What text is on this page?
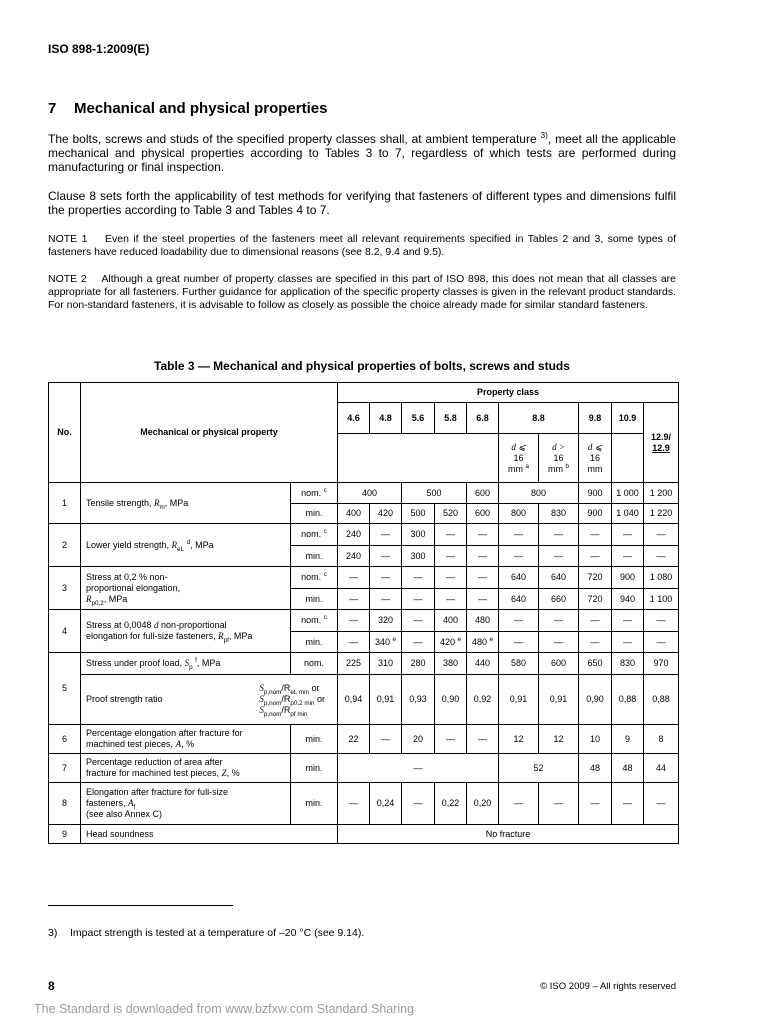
ISO 898-1:2009(E)
7 Mechanical and physical properties

The bolts, screws and studs of the specified property classes shall, at ambient temperature $^{3)}$, meet all the applicable mechanical and physical properties according to Tables 3 to 7, regardless of which tests are performed during manufacturing or final inspection.

Clause 8 sets forth the applicability of test methods for verifying that fasteners of different types and dimensions fulfil the properties according to Table 3 and Tables 4 to 7.

NOTE 1 Even if the steel properties of the fasteners meet all relevant requirements specified in Tables 2 and 3, some types of fasteners have reduced loadability due to dimensional reasons (see 8.2, 9.4 and 9.5).

NOTE 2 Although a great number of property classes are specified in this part of ISO 898, this does not mean that all classes are appropriate for all fasteners. Further guidance for application of the specific property classes is given in the relevant product standards. For non-standard fasteners, it is advisable to follow as closely as possible the choice already made for similar standard fasteners.

Table 3 — Mechanical and physical properties of bolts, screws and studs
No.	Mechanical or physical property		Property class									
			4.6	4.8	5.6	5.8	6.8	8.8		9.8	10.9	12.9/
12.9
								d ⩽
16
mm $^a$	d >
16
mm $^b$	d ⩽
16
mm		
1	Tensile strength, $R_m$, MPa	nom. $^c$	400		500		600	800		900	1 000	1 200
		min.	400	420	500	520	600	800	830	900	1 040	1 220
2	Lower yield strength, $R_{eL}$ $^d$, MPa	nom. $^c$	240	—	300	—	—	—	—	—	—	—
		min.	240	—	300	—	—	—	—	—	—	—
3	Stress at 0,2 % non-
proportional elongation,
$R_{p0,2}$, MPa	nom. $^c$	—	—	—	—	—	640	640	720	900	1 080
		min.	—	—	—	—	—	640	660	720	940	1 100
4	Stress at 0,0048 d non-proportional
elongation for full-size fasteners, $R_{pf}$, MPa	nom. $^c$	—	320	—	400	480	—	—	—	—	—
		min.	—	340 $^e$	—	420 $^e$	480 $^e$	—	—	—	—	—
5	Stress under proof load, $S_p$ $^f$, MPa	nom.	225	310	280	380	440	580	600	650	830	970

	Proof strength ratio
$S_{p,nom}/R_{eL min}$ or
$S_{p,nom}/R_{p0,2 min}$ or
$S_{p,nom}/R_{pf min}$		0,94	0,91	0,93	0,90	0,92	0,91	0,91	0,90	0,88	0,88
6	Percentage elongation after fracture for
machined test pieces, A, %	min.	22	—	20	—	—	12	12	10	9	8
7	Percentage reduction of area after
fracture for machined test pieces, Z, %	min.	—					52		48	48	44
8	Elongation after fracture for full-size
fasteners, $A_f$
(see also Annex C)	min.	—	0,24	—	0,22	0,20	—	—	—	—	—
9	Head soundness		No fracture									
3) Impact strength is tested at a temperature of –20 °C (see 9.14).
8	© ISO 2009 – All rights reserved
The Standard is downloaded from www.bzfxw.com Standard Sharing
